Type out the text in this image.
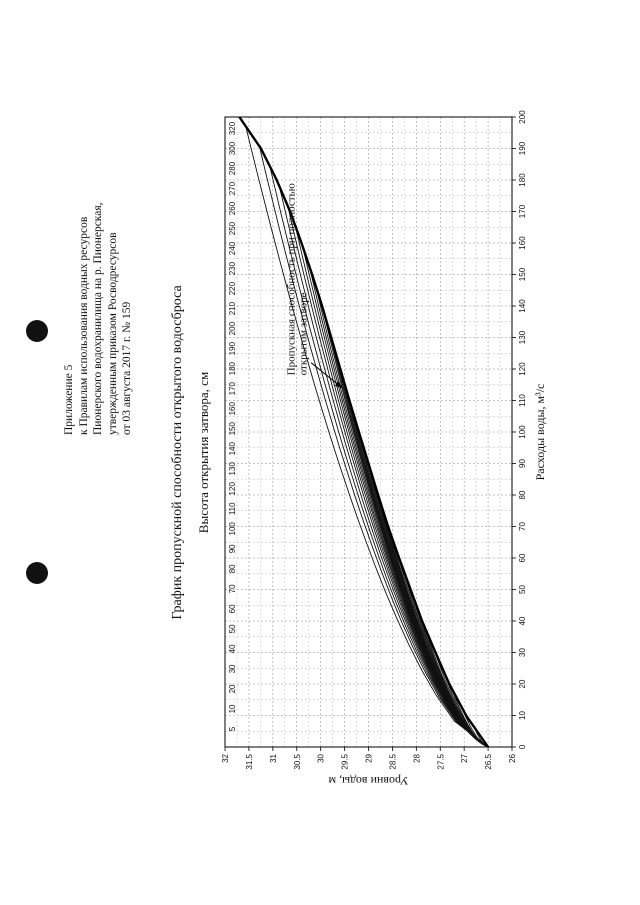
Приложение 5 к Правилам использования водных ресурсов Пионерского водохранилища на р. Пионерская, утвержденным приказом Росводресурсов от 03 августа 2017 г. № 159	График пропускной способности открытого водосброса Высота открытия затвора, см
0
10
20
30
40
50
60
70
80
90
100
110
120
130
140
150
160
170
180
190
200
26
26.5
27
27.5
28
28.5
29
29.5
30
30.5
31
31.5
32
5
10
20
30
40
50
60
70
80
90
100
110
120
130
140
150
160
170
180
190
200
210
220
230
240
250
260
270
280
300
320
Расходы воды, м³/с
Уровни воды, м
Пропускная способность при полностью открытом затворе
